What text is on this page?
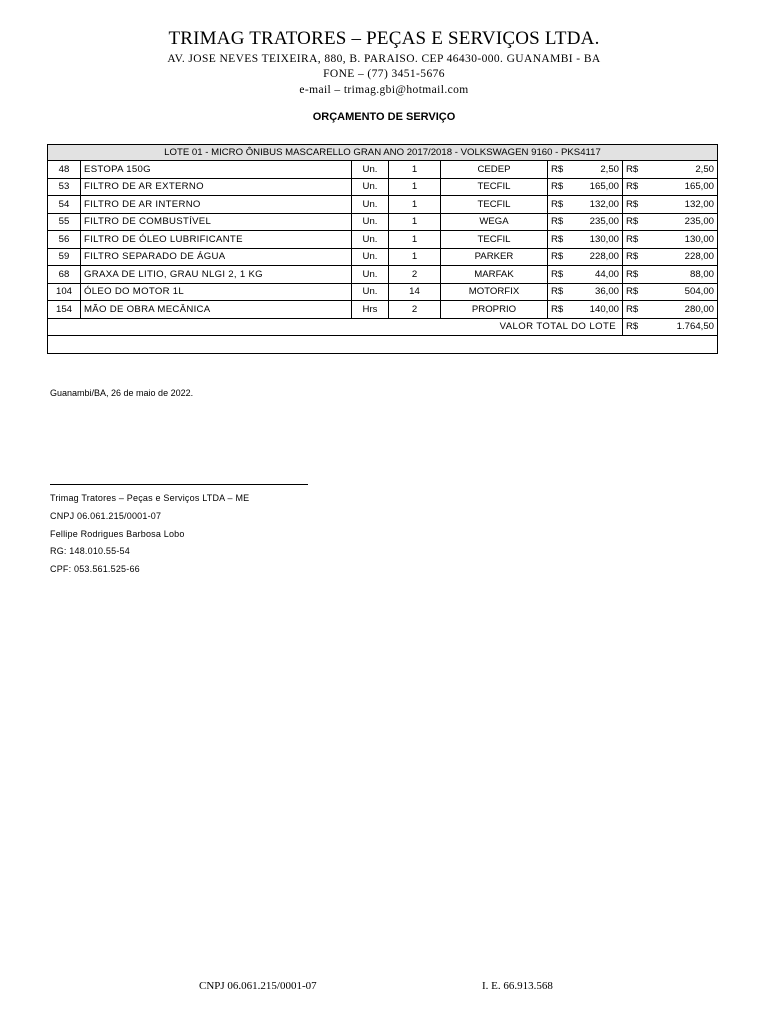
TRIMAG TRATORES – PEÇAS E SERVIÇOS LTDA.
AV. JOSE NEVES TEIXEIRA, 880, B. PARAISO. CEP 46430-000. GUANAMBI - BA
FONE – (77) 3451-5676
e-mail – trimag.gbi@hotmail.com
ORÇAMENTO DE SERVIÇO
LOTE 01 - MICRO ÔNIBUS MASCARELLO GRAN ANO 2017/2018 - VOLKSWAGEN 9160 - PKS4117								
48	ESTOPA 150G	Un.	1	CEDEP	R$	2,50	R$	2,50
53	FILTRO DE AR EXTERNO	Un.	1	TECFIL	R$	165,00	R$	165,00
54	FILTRO DE AR INTERNO	Un.	1	TECFIL	R$	132,00	R$	132,00
55	FILTRO DE COMBUSTÍVEL	Un.	1	WEGA	R$	235,00	R$	235,00
56	FILTRO DE ÓLEO LUBRIFICANTE	Un.	1	TECFIL	R$	130,00	R$	130,00
59	FILTRO SEPARADO DE ÁGUA	Un.	1	PARKER	R$	228,00	R$	228,00
68	GRAXA DE LITIO, GRAU NLGI 2, 1 KG	Un.	2	MARFAK	R$	44,00	R$	88,00
104	ÓLEO DO MOTOR 1L	Un.	14	MOTORFIX	R$	36,00	R$	504,00
154	MÃO DE OBRA MECÂNICA	Hrs	2	PROPRIO	R$	140,00	R$	280,00
VALOR TOTAL DO LOTE							R$	1.764,50

Guanambi/BA, 26 de maio de 2022.
Trimag Tratores – Peças e Serviços LTDA – ME
CNPJ 06.061.215/0001-07
Fellipe Rodrigues Barbosa Lobo
RG: 148.010.55-54
CPF: 053.561.525-66
CNPJ 06.061.215/0001-07	I. E. 66.913.568
